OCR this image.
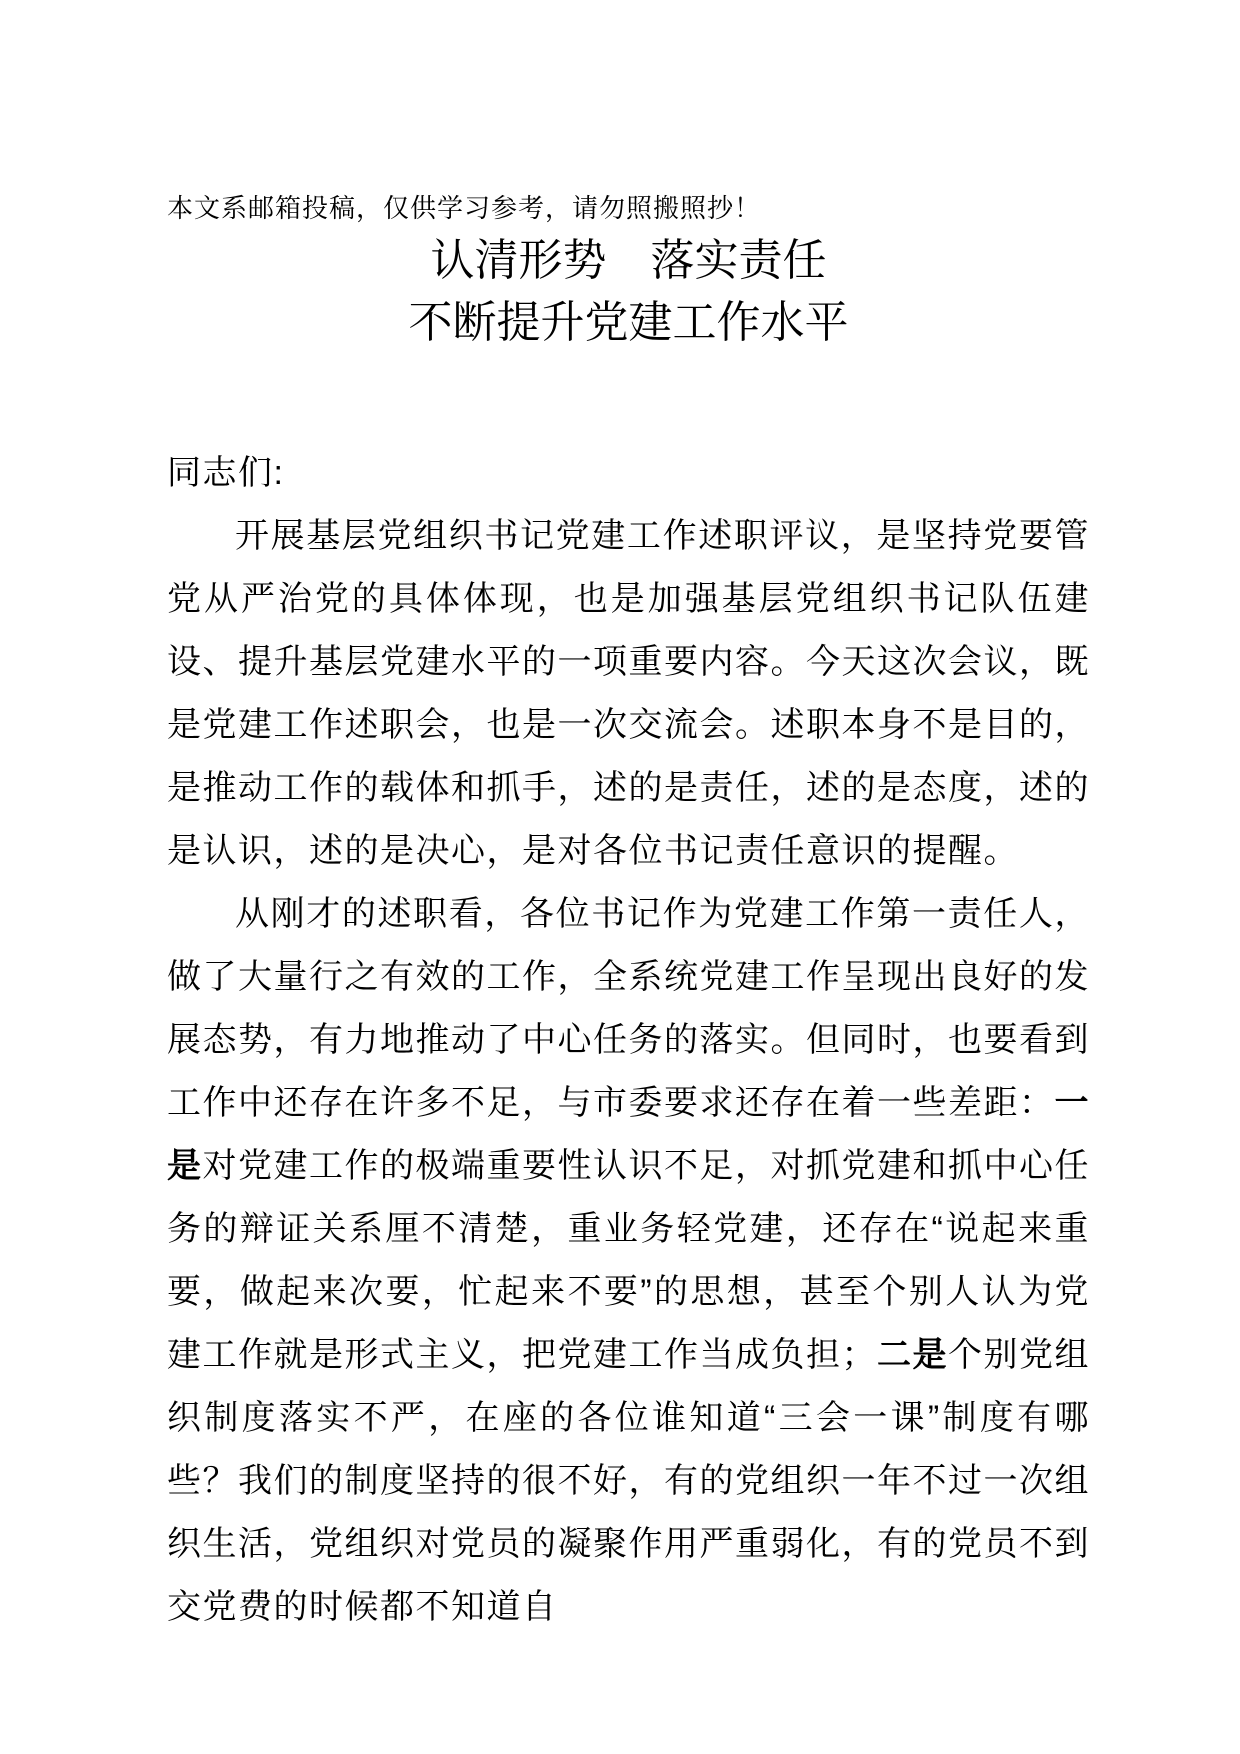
本文系邮箱投稿，仅供学习参考，请勿照搬照抄！
认清形势　落实责任
不断提升党建工作水平

同志们:

开展基层党组织书记党建工作述职评议，是坚持党要管党从严治党的具体体现，也是加强基层党组织书记队伍建设、提升基层党建水平的一项重要内容。今天这次会议，既是党建工作述职会，也是一次交流会。述职本身不是目的，是推动工作的载体和抓手，述的是责任，述的是态度，述的是认识，述的是决心，是对各位书记责任意识的提醒。

从刚才的述职看，各位书记作为党建工作第一责任人，做了大量行之有效的工作，全系统党建工作呈现出良好的发展态势，有力地推动了中心任务的落实。但同时，也要看到工作中还存在许多不足，与市委要求还存在着一些差距：一是对党建工作的极端重要性认识不足，对抓党建和抓中心任务的辩证关系厘不清楚，重业务轻党建，还存在“说起来重要，做起来次要，忙起来不要”的思想，甚至个别人认为党建工作就是形式主义，把党建工作当成负担；二是个别党组织制度落实不严，在座的各位谁知道“三会一课”制度有哪些？我们的制度坚持的很不好，有的党组织一年不过一次组织生活，党组织对党员的凝聚作用严重弱化，有的党员不到交党费的时候都不知道自
